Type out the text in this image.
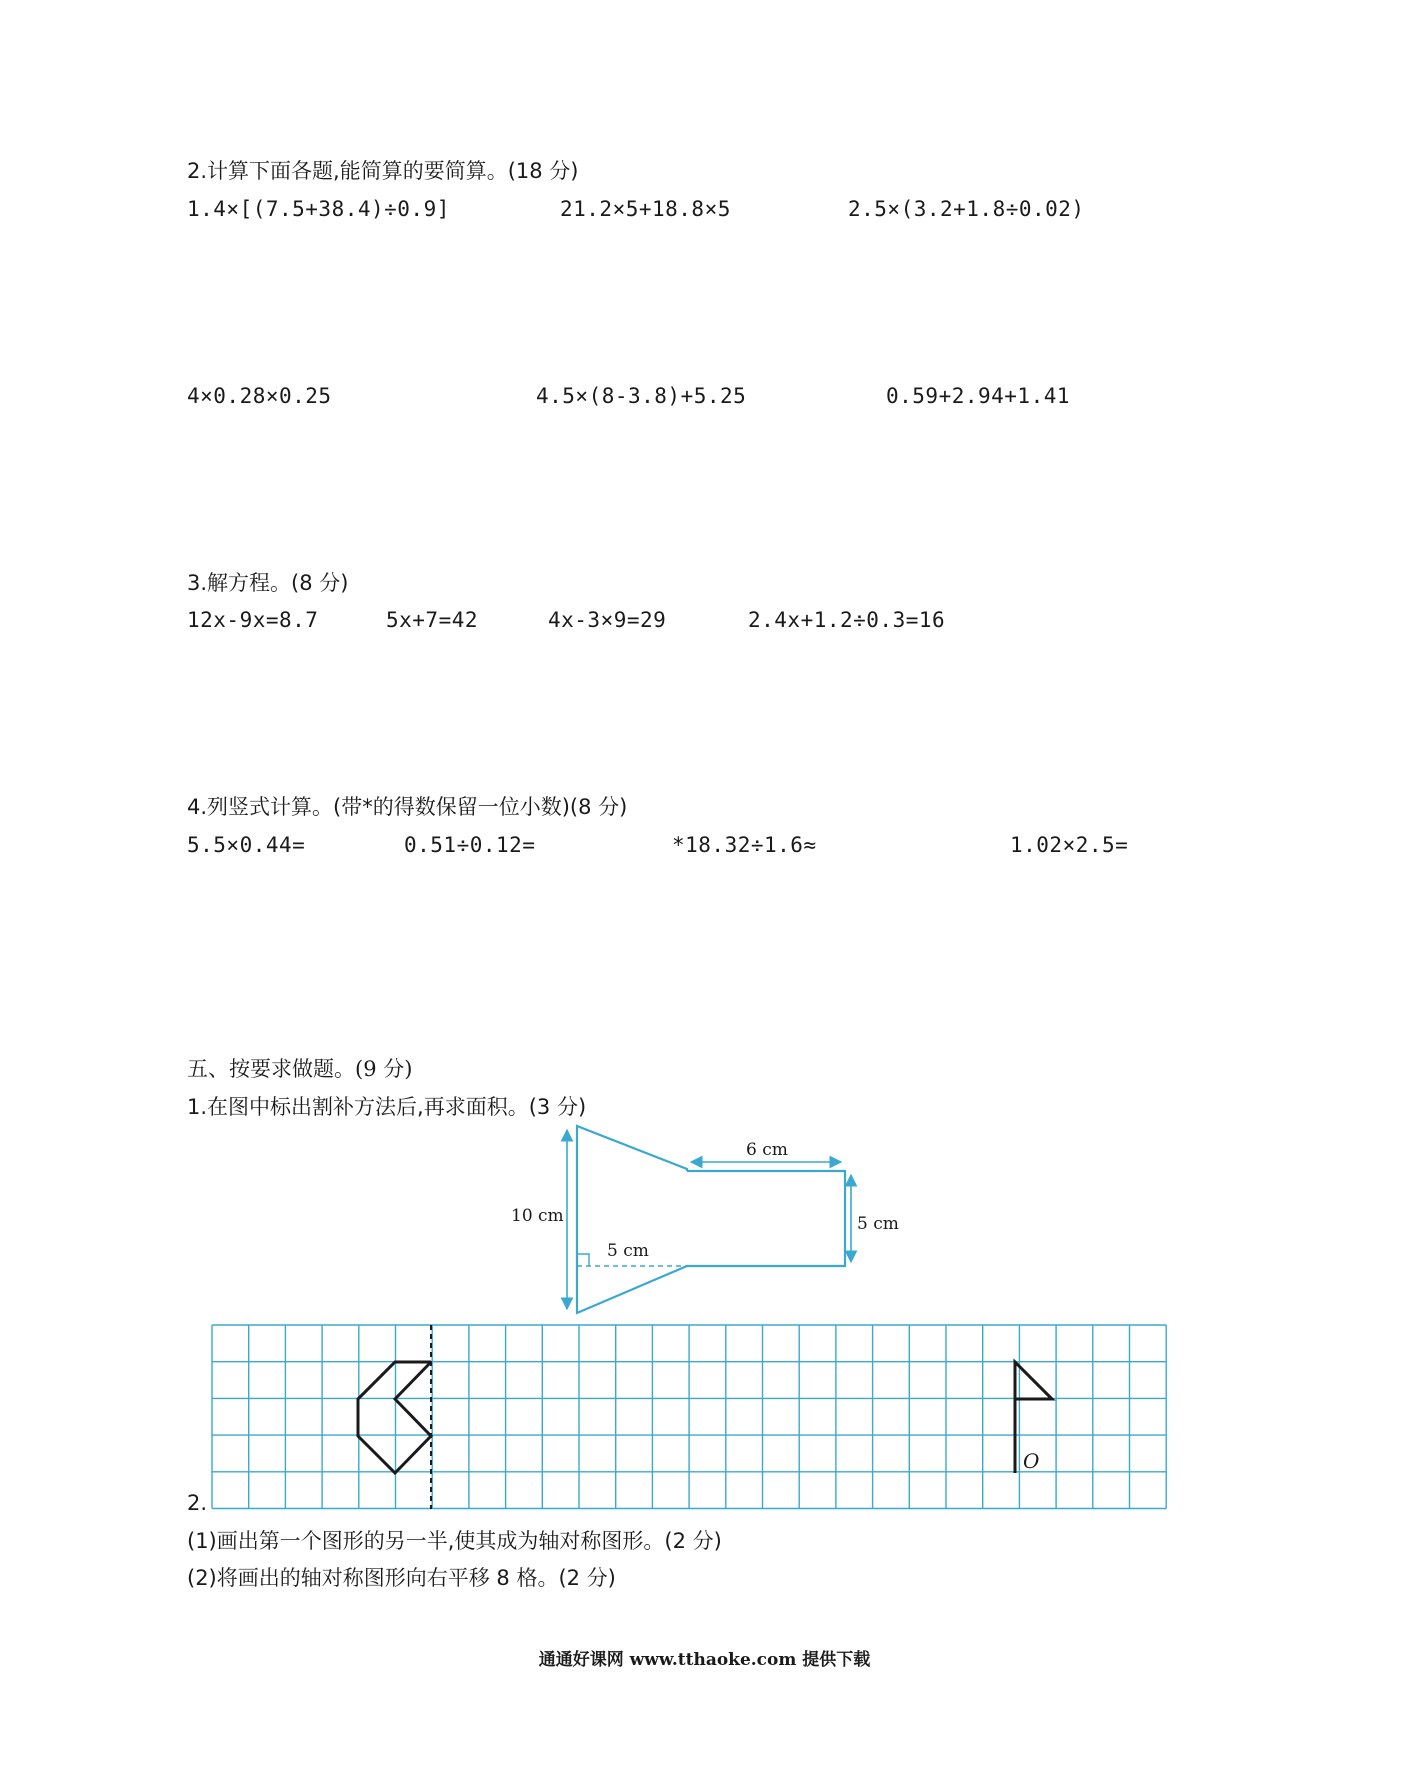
2.计算下面各题,能简算的要简算。(18 分)
1.4×[(7.5+38.4)÷0.9]	21.2×5+18.8×5	2.5×(3.2+1.8÷0.02)
4×0.28×0.25	4.5×(8-3.8)+5.25	0.59+2.94+1.41
3.解方程。(8 分)
12x-9x=8.7	5x+7=42	4x-3×9=29	2.4x+1.2÷0.3=16
4.列竖式计算。(带*的得数保留一位小数)(8 分)
5.5×0.44=	0.51÷0.12=	*18.32÷1.6≈	1.02×2.5=
五、按要求做题。(9 分)
1.在图中标出割补方法后,再求面积。(3 分)
10 cm
6 cm
5 cm
5 cm
2.
O
(1)画出第一个图形的另一半,使其成为轴对称图形。(2 分)
(2)将画出的轴对称图形向右平移 8 格。(2 分)
通通好课网 www.tthaoke.com 提供下载
